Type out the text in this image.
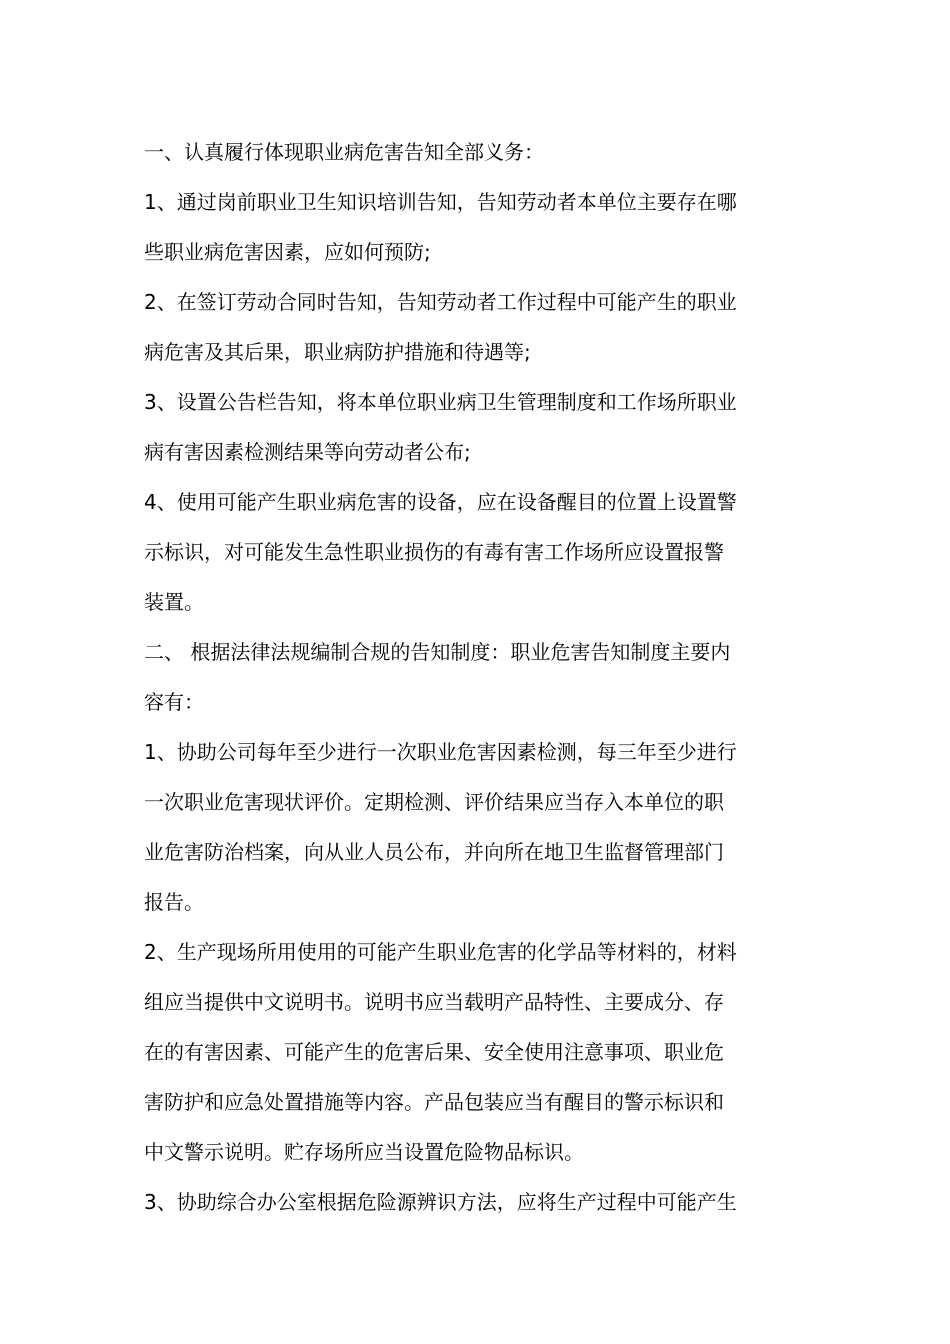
一、认真履行体现职业病危害告知全部义务：
1、通过岗前职业卫生知识培训告知，告知劳动者本单位主要存在哪
些职业病危害因素，应如何预防;
2、在签订劳动合同时告知，告知劳动者工作过程中可能产生的职业
病危害及其后果，职业病防护措施和待遇等;
3、设置公告栏告知，将本单位职业病卫生管理制度和工作场所职业
病有害因素检测结果等向劳动者公布;
4、使用可能产生职业病危害的设备，应在设备醒目的位置上设置警
示标识，对可能发生急性职业损伤的有毒有害工作场所应设置报警
装置。
二、 根据法律法规编制合规的告知制度：职业危害告知制度主要内
容有：
1、协助公司每年至少进行一次职业危害因素检测，每三年至少进行
一次职业危害现状评价。定期检测、评价结果应当存入本单位的职
业危害防治档案，向从业人员公布，并向所在地卫生监督管理部门
报告。
2、生产现场所用使用的可能产生职业危害的化学品等材料的，材料
组应当提供中文说明书。说明书应当载明产品特性、主要成分、存
在的有害因素、可能产生的危害后果、安全使用注意事项、职业危
害防护和应急处置措施等内容。产品包装应当有醒目的警示标识和
中文警示说明。贮存场所应当设置危险物品标识。
3、协助综合办公室根据危险源辨识方法，应将生产过程中可能产生
